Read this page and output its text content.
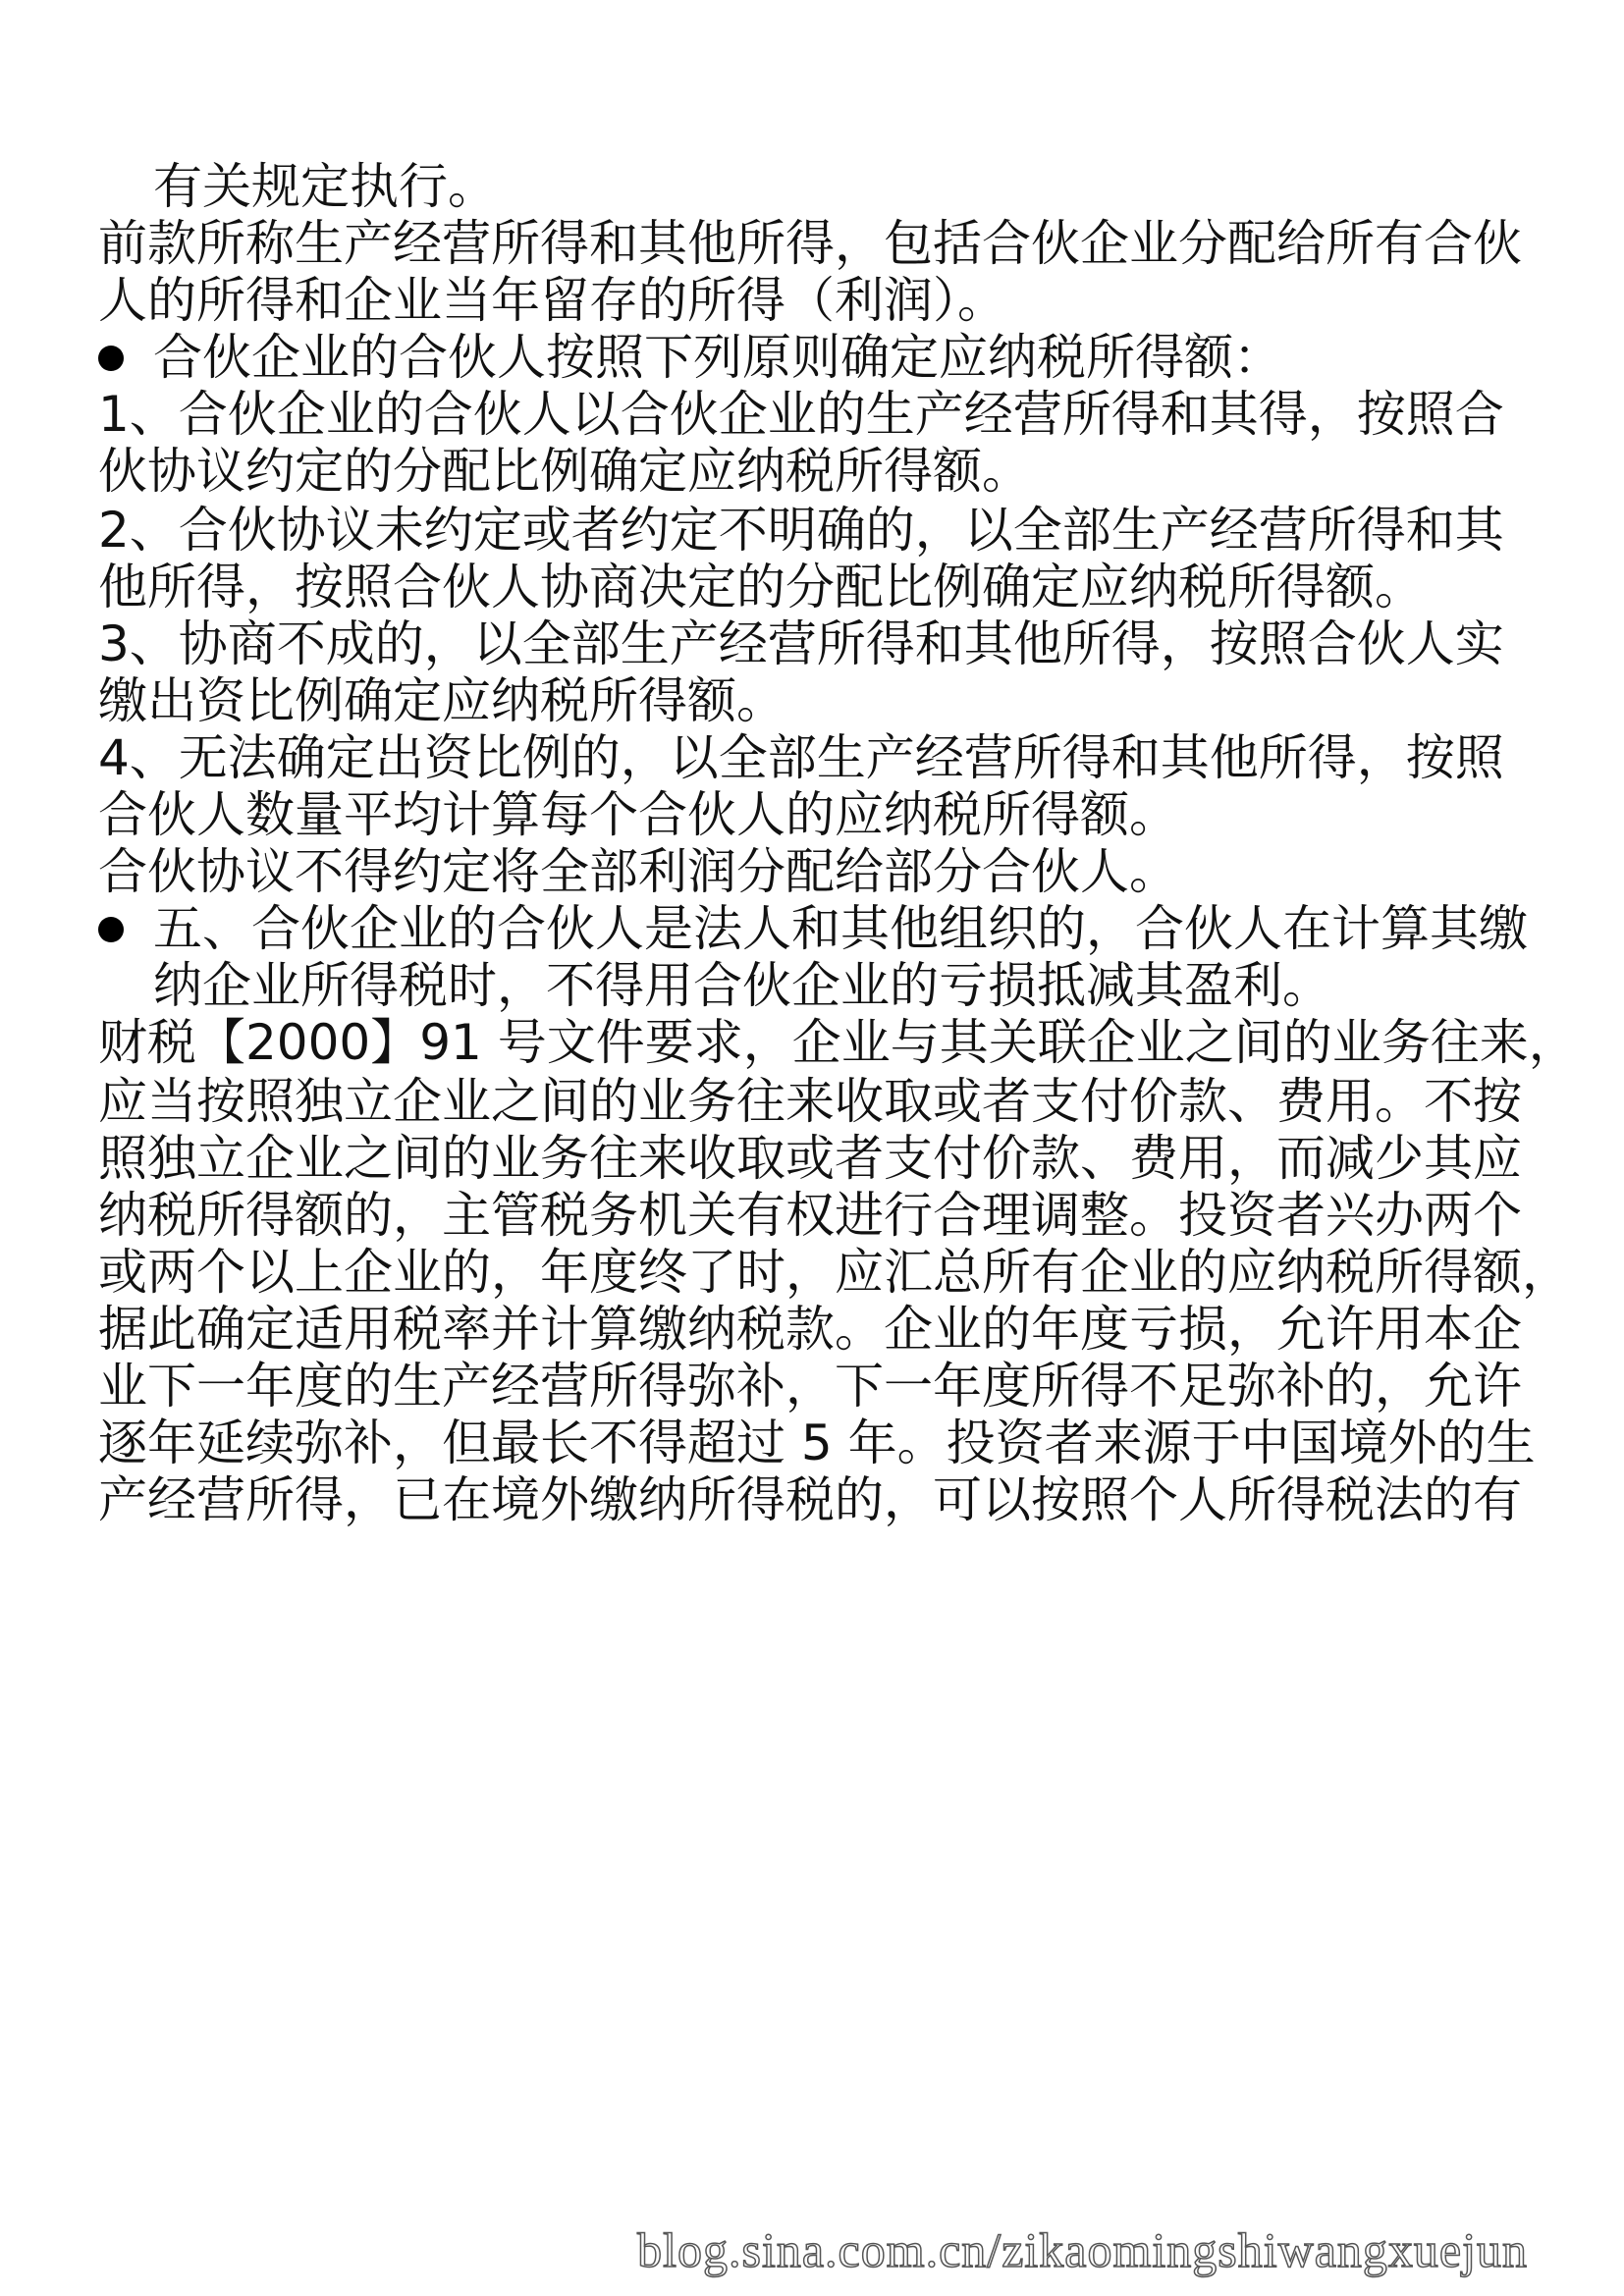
有关规定执行。
前款所称生产经营所得和其他所得，包括合伙企业分配给所有合伙
人的所得和企业当年留存的所得（利润）。
合伙企业的合伙人按照下列原则确定应纳税所得额：
1、合伙企业的合伙人以合伙企业的生产经营所得和其得，按照合
伙协议约定的分配比例确定应纳税所得额。
2、合伙协议未约定或者约定不明确的，以全部生产经营所得和其
他所得，按照合伙人协商决定的分配比例确定应纳税所得额。
3、协商不成的，以全部生产经营所得和其他所得，按照合伙人实
缴出资比例确定应纳税所得额。
4、无法确定出资比例的，以全部生产经营所得和其他所得，按照
合伙人数量平均计算每个合伙人的应纳税所得额。
合伙协议不得约定将全部利润分配给部分合伙人。
五、合伙企业的合伙人是法人和其他组织的，合伙人在计算其缴
纳企业所得税时，不得用合伙企业的亏损抵减其盈利。
财税【2000】91 号文件要求，企业与其关联企业之间的业务往来，
应当按照独立企业之间的业务往来收取或者支付价款、费用。不按
照独立企业之间的业务往来收取或者支付价款、费用，而减少其应
纳税所得额的，主管税务机关有权进行合理调整。投资者兴办两个
或两个以上企业的，年度终了时，应汇总所有企业的应纳税所得额，
据此确定适用税率并计算缴纳税款。企业的年度亏损，允许用本企
业下一年度的生产经营所得弥补，下一年度所得不足弥补的，允许
逐年延续弥补，但最长不得超过 5 年。投资者来源于中国境外的生
产经营所得，已在境外缴纳所得税的，可以按照个人所得税法的有
blog.sina.com.cn/zikaomingshiwangxuejun
